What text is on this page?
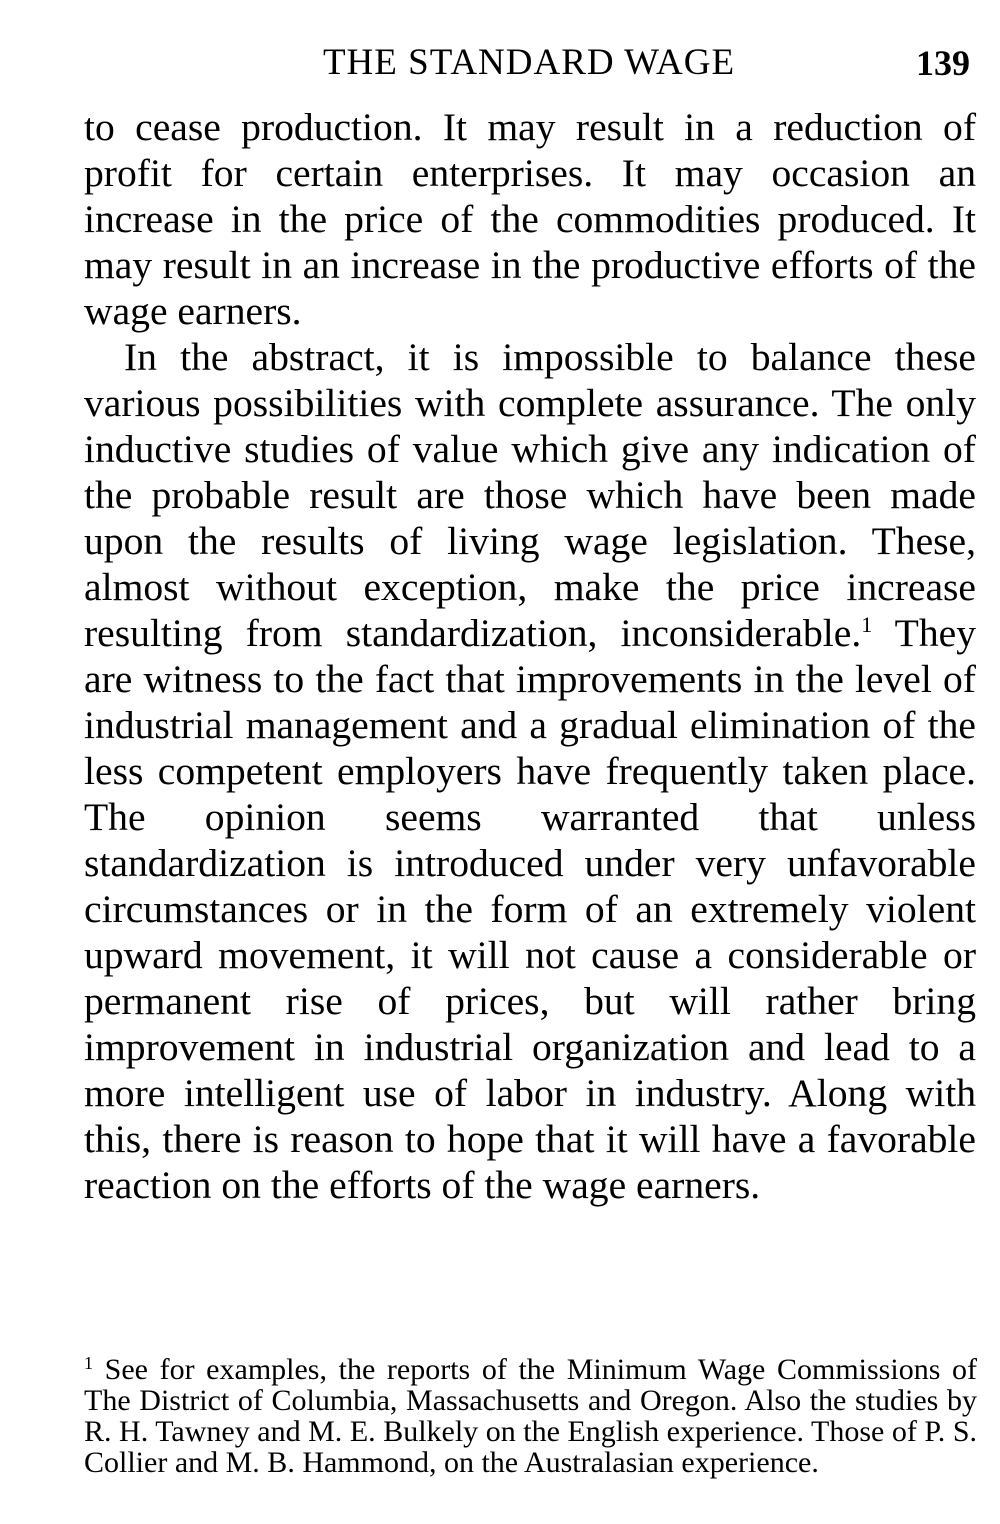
THE STANDARD WAGE	139

to cease production. It may result in a reduction of profit for certain enterprises. It may occasion an increase in the price of the commodities produced. It may result in an increase in the productive efforts of the wage earners.

In the abstract, it is impossible to balance these various possibilities with complete assurance. The only inductive studies of value which give any indication of the probable result are those which have been made upon the results of living wage legislation. These, almost without exception, make the price increase resulting from standardization, inconsiderable.$^1$ They are witness to the fact that improvements in the level of industrial management and a gradual elimination of the less competent employers have frequently taken place. The opinion seems warranted that unless standardization is introduced under very unfavorable circumstances or in the form of an extremely violent upward movement, it will not cause a considerable or permanent rise of prices, but will rather bring improvement in industrial organization and lead to a more intelligent use of labor in industry. Along with this, there is reason to hope that it will have a favorable reaction on the efforts of the wage earners.

$^1$ See for examples, the reports of the Minimum Wage Commissions of The District of Columbia, Massachusetts and Oregon. Also the studies by R. H. Tawney and M. E. Bulkely on the English experience. Those of P. S. Collier and M. B. Hammond, on the Australasian experience.
